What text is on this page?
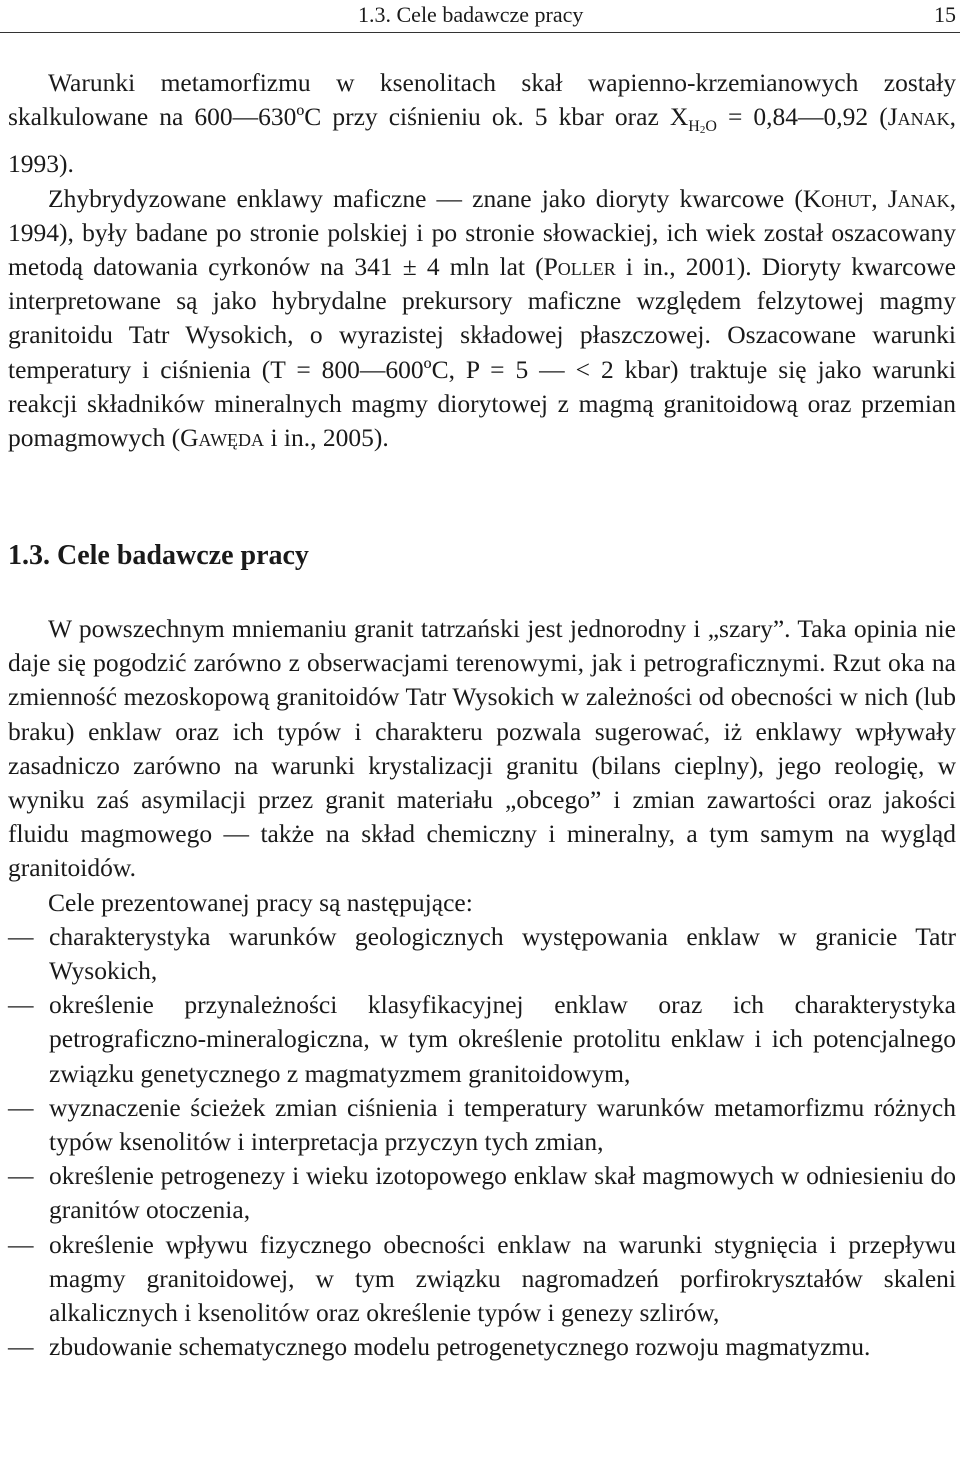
1.3. Cele badawcze pracy	15

Warunki metamorfizmu w ksenolitach skał wapienno-krzemianowych zostały skalkulowane na 600—630ºC przy ciśnieniu ok. 5 kbar oraz $X_{H2O}$ = 0,84—0,92 (Janak, 1993).

Zhybrydyzowane enklawy maficzne — znane jako dioryty kwarcowe (Kohut, Janak, 1994), były badane po stronie polskiej i po stronie słowackiej, ich wiek został oszacowany metodą datowania cyrkonów na 341 ± 4 mln lat (Poller i in., 2001). Dioryty kwarcowe interpretowane są jako hybrydalne prekursory maficzne względem felzytowej magmy granitoidu Tatr Wysokich, o wyrazistej składowej płaszczowej. Oszacowane warunki temperatury i ciśnienia (T = 800—600ºC, P = 5 — < 2 kbar) traktuje się jako warunki reakcji składników mineralnych magmy diorytowej z magmą granitoidową oraz przemian pomagmowych (Gawęda i in., 2005).

1.3. Cele badawcze pracy

W powszechnym mniemaniu granit tatrzański jest jednorodny i „szary”. Taka opinia nie daje się pogodzić zarówno z obserwacjami terenowymi, jak i petrograficznymi. Rzut oka na zmienność mezoskopową granitoidów Tatr Wysokich w zależności od obecności w nich (lub braku) enklaw oraz ich typów i charakteru pozwala sugerować, iż enklawy wpływały zasadniczo zarówno na warunki krystalizacji granitu (bilans cieplny), jego reologię, w wyniku zaś asymilacji przez granit materiału „obcego” i zmian zawartości oraz jakości fluidu magmowego — także na skład chemiczny i mineralny, a tym samym na wygląd granitoidów.

Cele prezentowanej pracy są następujące:

— charakterystyka warunków geologicznych występowania enklaw w granicie Tatr Wysokich,
— określenie przynależności klasyfikacyjnej enklaw oraz ich charakterystyka petrograficzno-mineralogiczna, w tym określenie protolitu enklaw i ich potencjalnego związku genetycznego z magmatyzmem granitoidowym,
— wyznaczenie ścieżek zmian ciśnienia i temperatury warunków metamorfizmu różnych typów ksenolitów i interpretacja przyczyn tych zmian,
— określenie petrogenezy i wieku izotopowego enklaw skał magmowych w odniesieniu do granitów otoczenia,
— określenie wpływu fizycznego obecności enklaw na warunki stygnięcia i przepływu magmy granitoidowej, w tym związku nagromadzeń porfirokryształów skaleni alkalicznych i ksenolitów oraz określenie typów i genezy szlirów,
— zbudowanie schematycznego modelu petrogenetycznego rozwoju magmatyzmu.
